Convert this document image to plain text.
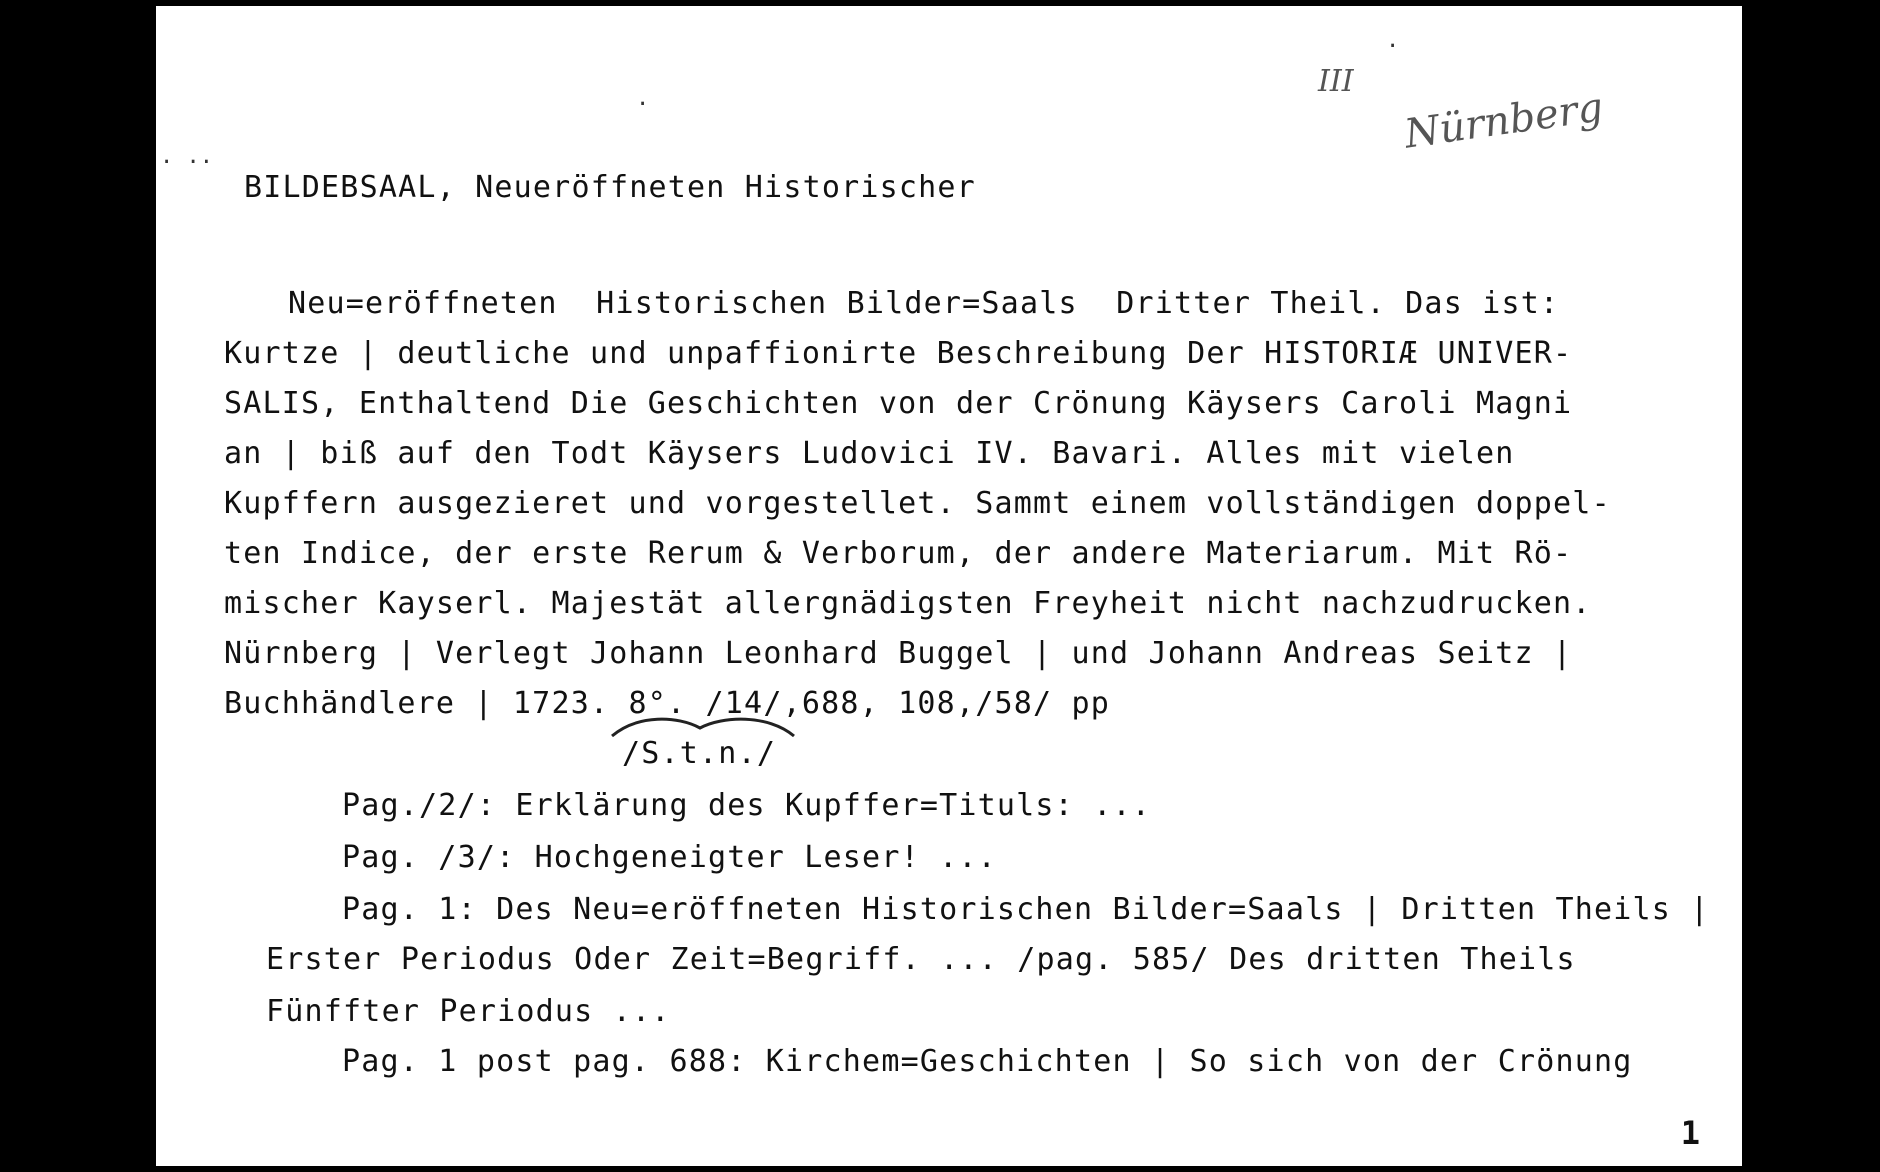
III
Nürnberg
. ..
.
.
BILDEBSAAL, Neueröffneten Historischer
Neu=eröffneten  Historischen Bilder=Saals  Dritter Theil. Das ist:
Kurtze | deutliche und unpaffionirte Beschreibung Der HISTORIÆ UNIVER-
SALIS, Enthaltend Die Geschichten von der Crönung Käysers Caroli Magni
an | biß auf den Todt Käysers Ludovici IV. Bavari. Alles mit vielen
Kupffern ausgezieret und vorgestellet. Sammt einem vollständigen doppel-
ten Indice, der erste Rerum & Verborum, der andere Materiarum. Mit Rö-
mischer Kayserl. Majestät allergnädigsten Freyheit nicht nachzudrucken.
Nürnberg | Verlegt Johann Leonhard Buggel | und Johann Andreas Seitz |
Buchhändlere | 1723. 8°. /14/,688, 108,/58/ pp
/S.t.n./
Pag./2/: Erklärung des Kupffer=Tituls: ...
Pag. /3/: Hochgeneigter Leser! ...
Pag. 1: Des Neu=eröffneten Historischen Bilder=Saals | Dritten Theils |
Erster Periodus Oder Zeit=Begriff. ... /pag. 585/ Des dritten Theils
Fünffter Periodus ...
Pag. 1 post pag. 688: Kirchem=Geschichten | So sich von der Crönung
1
